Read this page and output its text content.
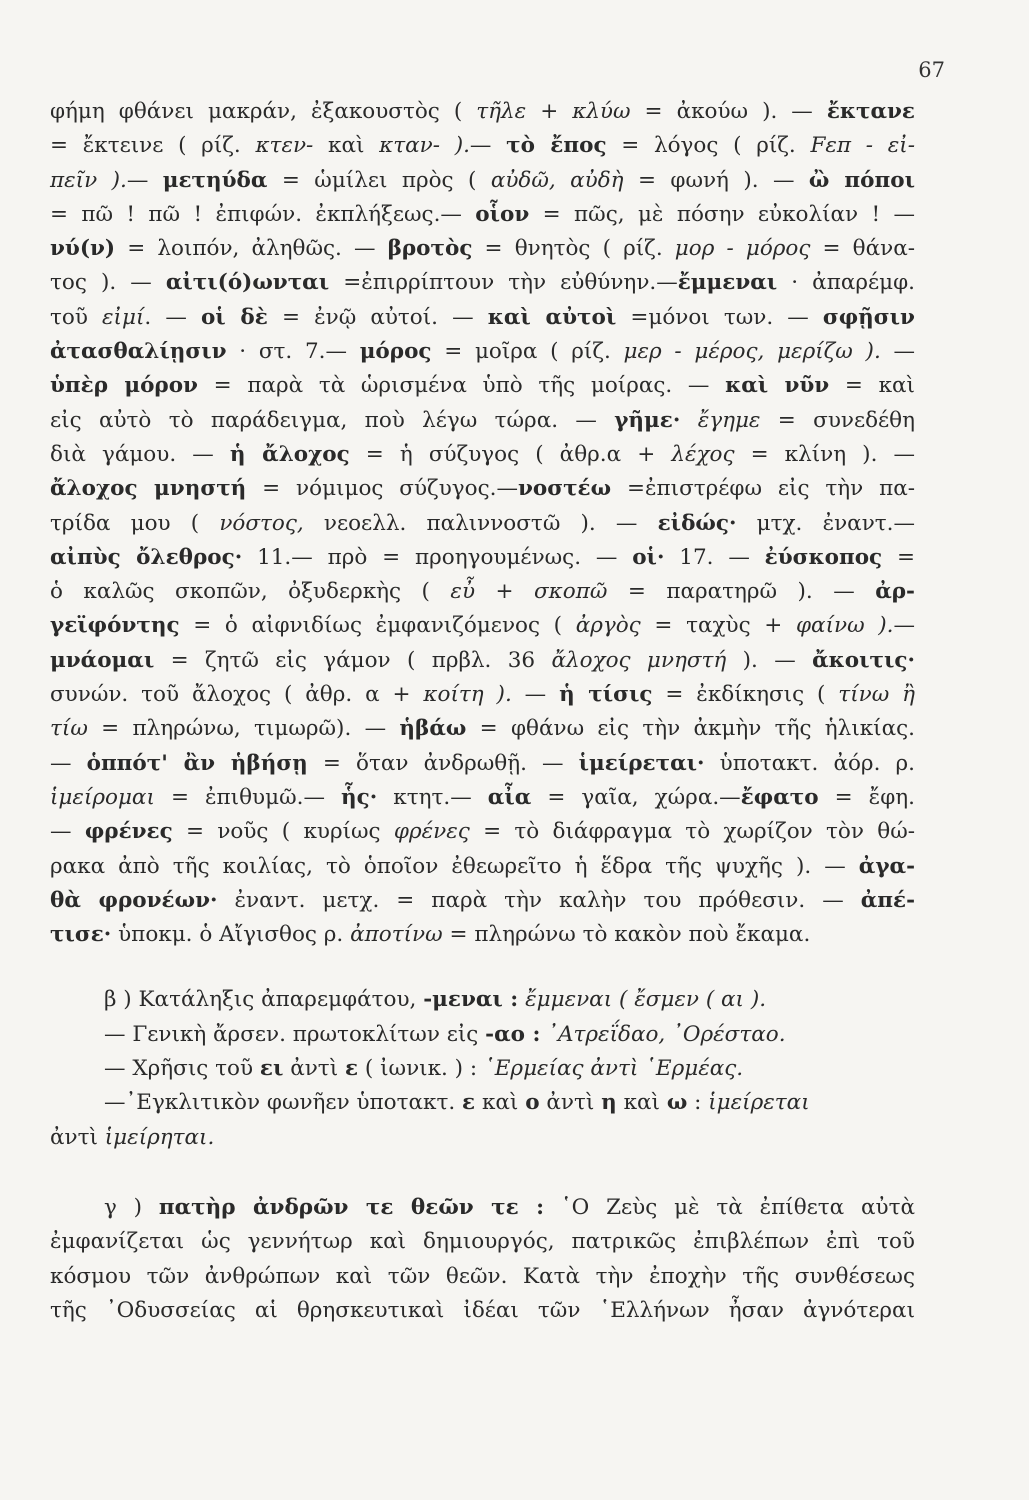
67
φήμη φθάνει μακράν, ἐξακουστὸς ( τῆλε + κλύω = ἀκούω ). — ἔκτανε
= ἔκτεινε ( ρίζ. κτεν- καὶ κταν- ).— τὸ ἔπος = λόγος ( ρίζ. Fεπ - εἰ-
πεῖν ).— μετηύδα = ὡμίλει πρὸς ( αὐδῶ, αὐδὴ = φωνή ). — ὢ πόποι
= πῶ ! πῶ ! ἐπιφών. ἐκπλήξεως.— οἷον = πῶς, μὲ πόσην εὐκολίαν ! —
νύ(ν) = λοιπόν, ἀληθῶς. — βροτὸς = θνητὸς ( ρίζ. μορ - μόρος = θάνα-
τος ). — αἰτι(ό)ωνται =ἐπιρρίπτουν τὴν εὐθύνην.—ἔμμεναι · ἀπαρέμφ.
τοῦ εἰμί. — οἱ δὲ = ἐνῷ αὐτοί. — καὶ αὐτοὶ =μόνοι των. — σφῇσιν
ἀτασθαλίῃσιν · στ. 7.— μόρος = μοῖρα ( ρίζ. μερ - μέρος, μερίζω ). —
ὑπὲρ μόρον = παρὰ τὰ ὡρισμένα ὑπὸ τῆς μοίρας. — καὶ νῦν = καὶ
εἰς αὐτὸ τὸ παράδειγμα, ποὺ λέγω τώρα. — γῆμε· ἔγημε = συνεδέθη
διὰ γάμου. — ἡ ἄλοχος = ἡ σύζυγος ( ἀθρ.α + λέχος = κλίνη ). —
ἄλοχος μνηστή = νόμιμος σύζυγος.—νοστέω =ἐπιστρέφω εἰς τὴν πα-
τρίδα μου ( νόστος, νεοελλ. παλιννοστῶ ). — εἰδώς· μτχ. ἐναντ.—
αἰπὺς ὄλεθρος· 11.— πρὸ = προηγουμένως. — οἱ· 17. — ἐύσκοπος =
ὁ καλῶς σκοπῶν, ὀξυδερκὴς ( εὖ + σκοπῶ = παρατηρῶ ). — ἀρ-
γεϊφόντης = ὁ αἰφνιδίως ἐμφανιζόμενος ( ἀργὸς = ταχὺς + φαίνω ).—
μνάομαι = ζητῶ εἰς γάμον ( πρβλ. 36 ἄλοχος μνηστή ). — ἄκοιτις·
συνών. τοῦ ἄλοχος ( ἀθρ. α + κοίτη ). — ἡ τίσις = ἐκδίκησις ( τίνω ἢ
τίω = πληρώνω, τιμωρῶ). — ἡβάω = φθάνω εἰς τὴν ἀκμὴν τῆς ἡλικίας.
— ὁππότ' ἂν ἡβήσῃ = ὅταν ἀνδρωθῇ. — ἱμείρεται· ὑποτακτ. ἀόρ. ρ.
ἱμείρομαι = ἐπιθυμῶ.— ἧς· κτητ.— αἶα = γαῖα, χώρα.—ἔφατο = ἔφη.
— φρένες = νοῦς ( κυρίως φρένες = τὸ διάφραγμα τὸ χωρίζον τὸν θώ-
ρακα ἀπὸ τῆς κοιλίας, τὸ ὁποῖον ἐθεωρεῖτο ἡ ἕδρα τῆς ψυχῆς ). — ἀγα-
θὰ φρονέων· ἐναντ. μετχ. = παρὰ τὴν καλὴν του πρόθεσιν. — ἀπέ-
τισε· ὑποκμ. ὁ Αἴγισθος ρ. ἀποτίνω = πληρώνω τὸ κακὸν ποὺ ἔκαμα.
β ) Κατάληξις ἀπαρεμφάτου, -μεναι : ἔμμεναι ( ἔσμεν ( αι ).
— Γενικὴ ἄρσεν. πρωτοκλίτων εἰς -αο : ᾿Ατρεΐδαο, ᾿Ορέσταο.
— Χρῆσις τοῦ ει ἀντὶ ε ( ἰωνικ. ) : ῾Ερμείας ἀντὶ ῾Ερμέας.
—᾿Εγκλιτικὸν φωνῆεν ὑποτακτ. ε καὶ ο ἀντὶ η καὶ ω : ἱμείρεται
ἀντὶ ἱμείρηται.
γ ) πατὴρ ἀνδρῶν τε θεῶν τε : ῾Ο Ζεὺς μὲ τὰ ἐπίθετα αὐτὰ
ἐμφανίζεται ὡς γεννήτωρ καὶ δημιουργός, πατρικῶς ἐπιβλέπων ἐπὶ τοῦ
κόσμου τῶν ἀνθρώπων καὶ τῶν θεῶν. Κατὰ τὴν ἐποχὴν τῆς συνθέσεως
τῆς ᾿Οδυσσείας αἱ θρησκευτικαὶ ἰδέαι τῶν ῾Ελλήνων ἦσαν ἀγνότεραι
